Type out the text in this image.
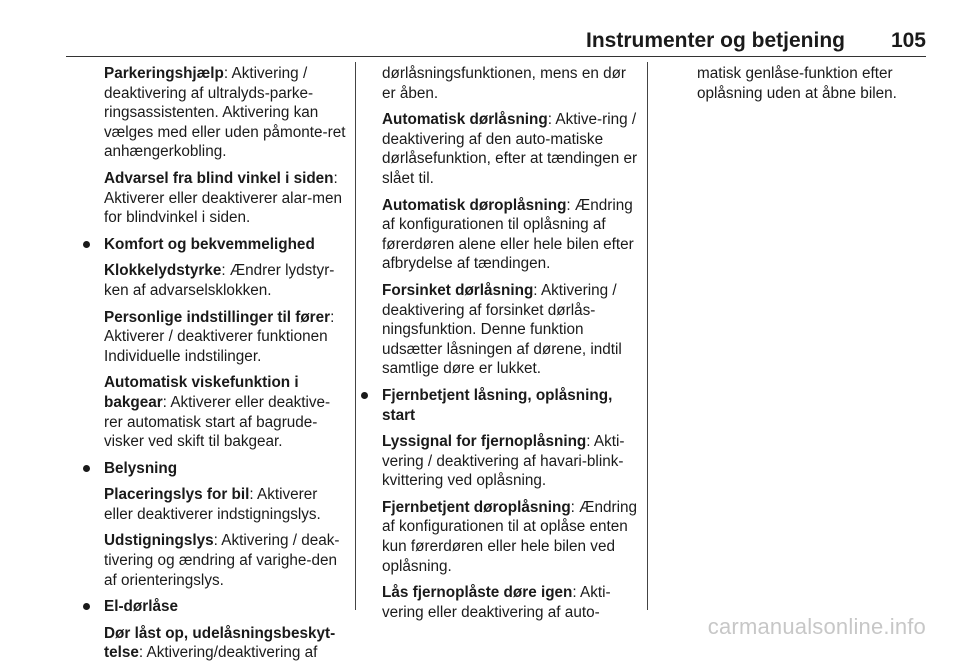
Instrumenter og betjening 105
Parkeringshjælp: Aktivering / deaktivering af ultralyds-parke-ringsassistenten. Aktivering kan vælges med eller uden påmonte-ret anhængerkobling.
Advarsel fra blind vinkel i siden: Aktiverer eller deaktiverer alar-men for blindvinkel i siden.
Komfort og bekvemmelighed
Klokkelydstyrke: Ændrer lydstyr-ken af advarselsklokken.
Personlige indstillinger til fører: Aktiverer / deaktiverer funktionen Individuelle indstilinger.
Automatisk viskefunktion i bakgear: Aktiverer eller deaktive-rer automatisk start af bagrude-visker ved skift til bakgear.
Belysning
Placeringslys for bil: Aktiverer eller deaktiverer indstigningslys.
Udstigningslys: Aktivering / deak-tivering og ændring af varighe-den af orienteringslys.
El-dørlåse
Dør låst op, udelåsningsbeskyt-telse: Aktivering/deaktivering af
dørlåsningsfunktionen, mens en dør er åben.
Automatisk dørlåsning: Aktive-ring / deaktivering af den auto-matiske dørlåsefunktion, efter at tændingen er slået til.
Automatisk døroplåsning: Ændring af konfigurationen til oplåsning af førerdøren alene eller hele bilen efter afbrydelse af tændingen.
Forsinket dørlåsning: Aktivering / deaktivering af forsinket dørlås-ningsfunktion. Denne funktion udsætter låsningen af dørene, indtil samtlige døre er lukket.
Fjernbetjent låsning, oplåsning, start
Lyssignal for fjernoplåsning: Akti-vering / deaktivering af havari-blink-kvittering ved oplåsning.
Fjernbetjent døroplåsning: Ændring af konfigurationen til at oplåse enten kun førerdøren eller hele bilen ved oplåsning.
Lås fjernoplåste døre igen: Akti-vering eller deaktivering af auto-
matisk genlåse-funktion efter oplåsning uden at åbne bilen.
carmanualsonline.info
